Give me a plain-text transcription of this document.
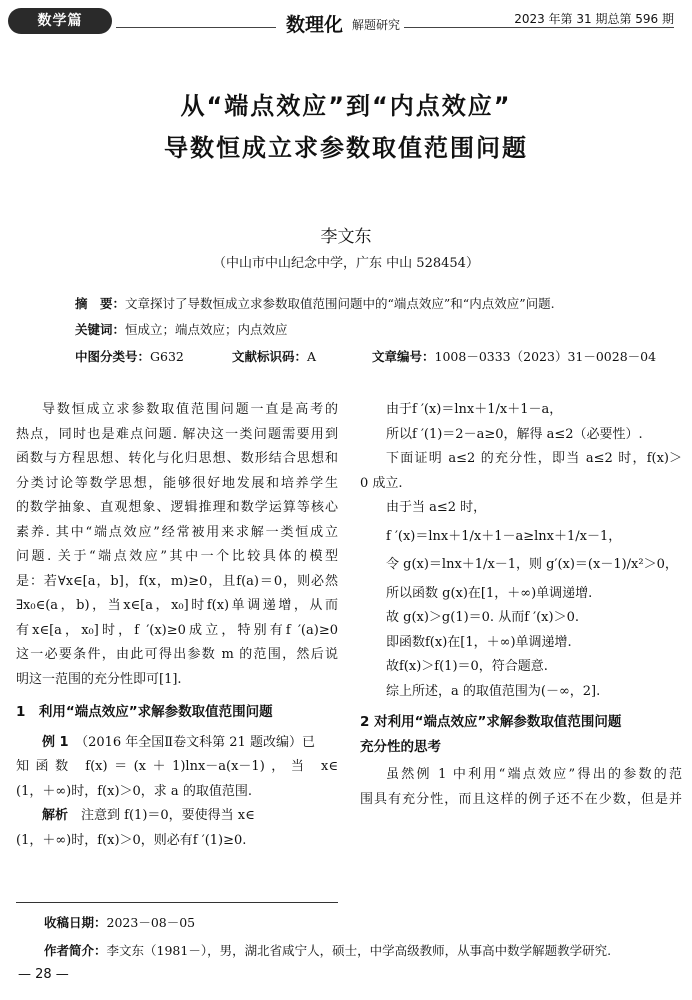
数学篇	数理化 解题研究	2023 年第 31 期总第 596 期
从“端点效应”到“内点效应”
导数恒成立求参数取值范围问题
李文东
（中山市中山纪念中学，广东 中山 528454）
摘　要：文章探讨了导数恒成立求参数取值范围问题中的“端点效应”和“内点效应”问题.
关键词：恒成立；端点效应；内点效应
中图分类号：G632	文献标识码：A	文章编号：1008－0333（2023）31－0028－04

导数恒成立求参数取值范围问题一直是高考的

热点，同时也是难点问题. 解决这一类问题需要用到

函数与方程思想、转化与化归思想、数形结合思想和

分类讨论等数学思想，能够很好地发展和培养学生

的数学抽象、直观想象、逻辑推理和数学运算等核心

素养. 其中“端点效应”经常被用来求解一类恒成立

问题. 关于“端点效应”其中一个比较具体的模型

是：若∀x∈[a，b]，f(x，m)≥0，且f(a)＝0，则必然

∃x₀∈(a，b)，当x∈[a，x₀]时f(x)单调递增，从而

有x∈[a，x₀]时，f ′(x)≥0成立，特别有f ′(a)≥0

这一必要条件，由此可得出参数 m 的范围，然后说

明这一范围的充分性即可[1].

1　利用“端点效应”求解参数取值范围问题

例 1　 （2016 年全国Ⅱ卷文科第 21 题改编）已

知函数 f(x)＝(x＋1)lnx－a(x－1)，当 x∈

(1，＋∞)时，f(x)＞0，求 a 的取值范围.

解析　 注意到 f(1)＝0，要使得当 x∈

(1，＋∞)时，f(x)＞0，则必有f ′(1)≥0.

由于f ′(x)＝lnx＋1/x＋1－a，

所以f ′(1)＝2－a≥0，解得 a≤2（必要性）.

下面证明 a≤2 的充分性，即当 a≤2 时，f(x)＞

0 成立.

由于当 a≤2 时，

f ′(x)＝lnx＋1/x＋1－a≥lnx＋1/x－1，

令 g(x)＝lnx＋1/x－1，则 g′(x)＝(x－1)/x²＞0，

所以函数 g(x)在[1，＋∞)单调递增.

故 g(x)＞g(1)＝0. 从而f ′(x)＞0.

即函数f(x)在[1，＋∞)单调递增.

故f(x)＞f(1)＝0，符合题意.

综上所述，a 的取值范围为(－∞，2].

2 对利用“端点效应”求解参数取值范围问题

充分性的思考

虽然例 1 中利用“端点效应”得出的参数的范

围具有充分性，而且这样的例子还不在少数，但是并

收稿日期：2023－08－05
作者简介：李文东（1981－），男，湖北省咸宁人，硕士，中学高级教师，从事高中数学解题教学研究.
— 28 —
